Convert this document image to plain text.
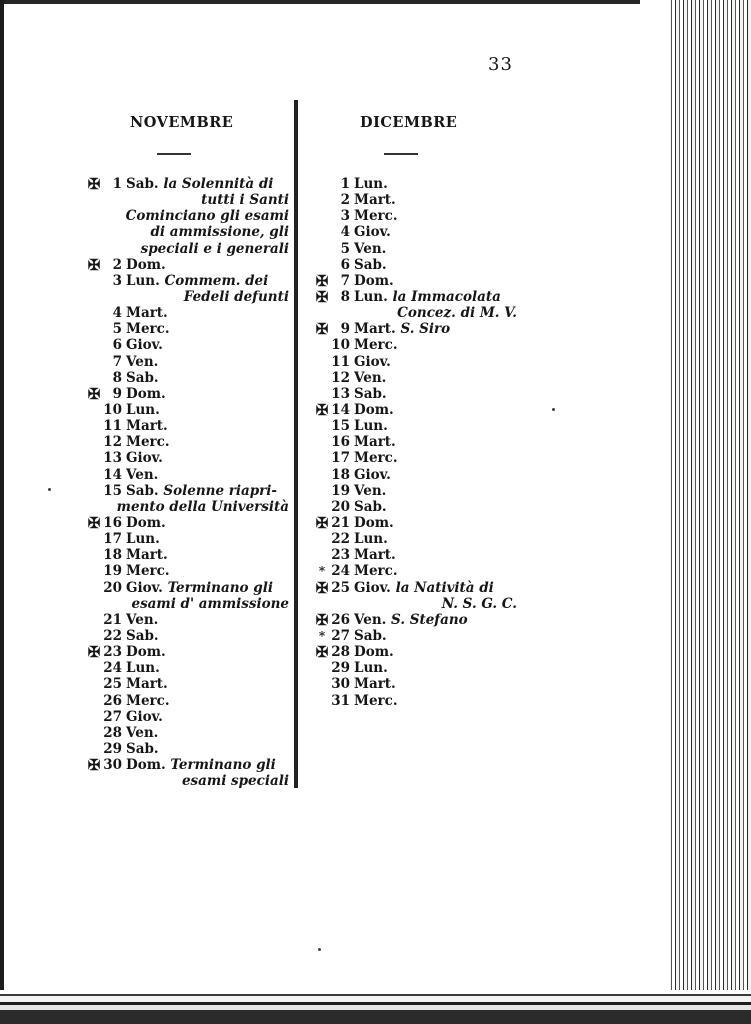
33
NOVEMBRE	DICEMBRE
✠ 1 Sab. la Solennità di
tutti i Santi
Cominciano gli esami
di ammissione, gli
speciali e i generali
✠ 2 Dom.
3 Lun. Commem. dei
Fedeli defunti
4 Mart.
5 Merc.
6 Giov.
7 Ven.
8 Sab.
✠ 9 Dom.
10 Lun.
11 Mart.
12 Merc.
13 Giov.
14 Ven.
15 Sab. Solenne riapri-
mento della Università
✠ 16 Dom.
17 Lun.
18 Mart.
19 Merc.
20 Giov. Terminano gli
esami d' ammissione
21 Ven.
22 Sab.
✠ 23 Dom.
24 Lun.
25 Mart.
26 Merc.
27 Giov.
28 Ven.
29 Sab.
✠ 30 Dom. Terminano gli
esami speciali
1 Lun.
2 Mart.
3 Merc.
4 Giov.
5 Ven.
6 Sab.
✠ 7 Dom.
✠ 8 Lun. la Immacolata
Concez. di M. V.
✠ 9 Mart. S. Siro
10 Merc.
11 Giov.
12 Ven.
13 Sab.
✠ 14 Dom.
15 Lun.
16 Mart.
17 Merc.
18 Giov.
19 Ven.
20 Sab.
✠ 21 Dom.
22 Lun.
23 Mart.
* 24 Merc.
✠ 25 Giov. la Natività di
N. S. G. C.
✠ 26 Ven. S. Stefano
* 27 Sab.
✠ 28 Dom.
29 Lun.
30 Mart.
31 Merc.
